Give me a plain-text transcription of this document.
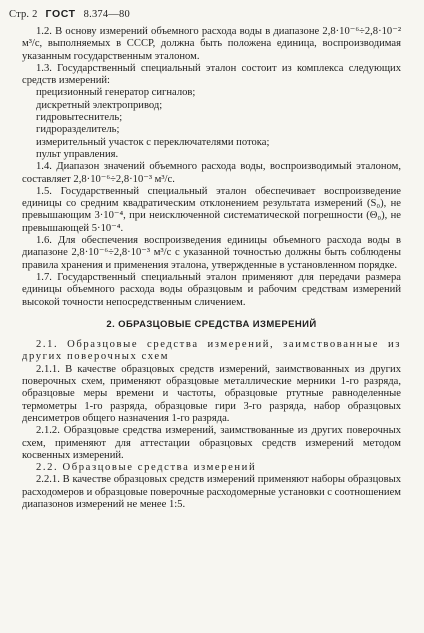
Стр. 2 ГОСТ 8.374—80

1.2. В основу измерений объемного расхода воды в диапазоне 2,8·10⁻⁶÷2,8·10⁻² м³/с, выполняемых в СССР, должна быть положена единица, воспроизводимая указанным государственным эталоном.

1.3. Государственный специальный эталон состоит из комплекса следующих средств измерений:

прецизионный генератор сигналов;

дискретный электропривод;

гидровытеснитель;

гидроразделитель;

измерительный участок с переключателями потока;

пульт управления.

1.4. Диапазон значений объемного расхода воды, воспроизводимый эталоном, составляет 2,8·10⁻⁶÷2,8·10⁻³ м³/с.

1.5. Государственный специальный эталон обеспечивает воспроизведение единицы со средним квадратическим отклонением результата измерений (S₀), не превышающим 3·10⁻⁴, при неисключенной систематической погрешности (Θ₀), не превышающей 5·10⁻⁴.

1.6. Для обеспечения воспроизведения единицы объемного расхода воды в диапазоне 2,8·10⁻⁶÷2,8·10⁻³ м³/с с указанной точностью должны быть соблюдены правила хранения и применения эталона, утвержденные в установленном порядке.

1.7. Государственный специальный эталон применяют для передачи размера единицы объемного расхода воды образцовым и рабочим средствам измерений высокой точности непосредственным сличением.

2. ОБРАЗЦОВЫЕ СРЕДСТВА ИЗМЕРЕНИЙ

2.1. Образцовые средства измерений, заимствованные из других поверочных схем

2.1.1. В качестве образцовых средств измерений, заимствованных из других поверочных схем, применяют образцовые металлические мерники 1-го разряда, образцовые меры времени и частоты, образцовые ртутные равноделенные термометры 1-го разряда, образцовые гири 3-го разряда, набор образцовых денсиметров общего назначения 1-го разряда.

2.1.2. Образцовые средства измерений, заимствованные из других поверочных схем, применяют для аттестации образцовых средств измерений методом косвенных измерений.

2.2. Образцовые средства измерений

2.2.1. В качестве образцовых средств измерений применяют наборы образцовых расходомеров и образцовые поверочные расходомерные установки с соотношением диапазонов измерений не менее 1:5.
